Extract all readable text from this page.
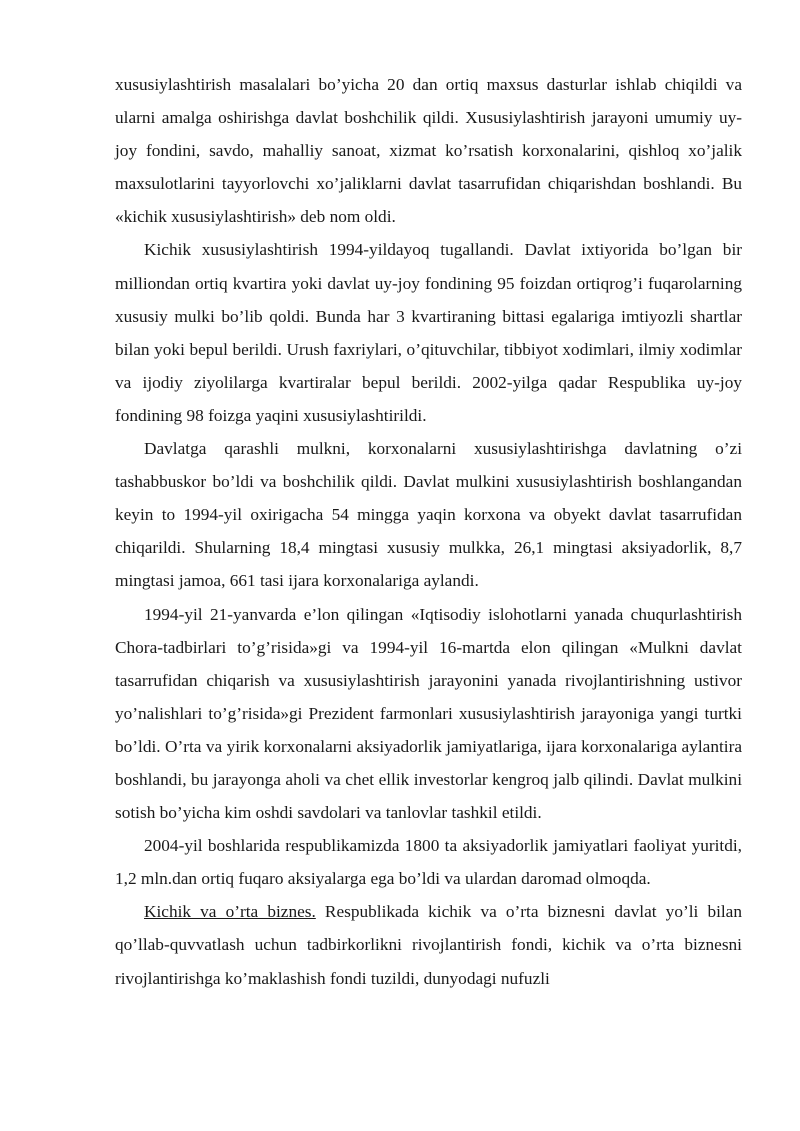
xususiylashtirish masalalari bo’yicha 20 dan ortiq maxsus dasturlar ishlab chiqildi va ularni amalga oshirishga davlat boshchilik qildi. Xususiylashtirish jarayoni umumiy uy-joy fondini, savdo, mahalliy sanoat, xizmat ko’rsatish korxonalarini, qishloq xo’jalik maxsulotlarini tayyorlovchi xo’jaliklarni davlat tasarrufidan chiqarishdan boshlandi. Bu «kichik xususiylashtirish» deb nom oldi.

Kichik xususiylashtirish 1994-yildayoq tugallandi. Davlat ixtiyorida bo’lgan bir milliondan ortiq kvartira yoki davlat uy-joy fondining 95 foizdan ortiqrog’i fuqarolarning xususiy mulki bo’lib qoldi. Bunda har 3 kvartiraning bittasi egalariga imtiyozli shartlar bilan yoki bepul berildi. Urush faxriylari, o’qituvchilar, tibbiyot xodimlari, ilmiy xodimlar va ijodiy ziyolilarga kvartiralar bepul berildi. 2002-yilga qadar Respublika uy-joy fondining 98 foizga yaqini xususiylashtirildi.

Davlatga qarashli mulkni, korxonalarni xususiylashtirishga davlatning o’zi tashabbuskor bo’ldi va boshchilik qildi. Davlat mulkini xususiylashtirish boshlangandan keyin to 1994-yil oxirigacha 54 mingga yaqin korxona va obyekt davlat tasarrufidan chiqarildi. Shularning 18,4 mingtasi xususiy mulkka, 26,1 mingtasi aksiyadorlik, 8,7 mingtasi jamoa, 661 tasi ijara korxonalariga aylandi.

1994-yil 21-yanvarda e’lon qilingan «Iqtisodiy islohotlarni yanada chuqurlashtirish Chora-tadbirlari to’g’risida»gi va 1994-yil 16-martda elon qilingan «Mulkni davlat tasarrufidan chiqarish va xususiylashtirish jarayonini yanada rivojlantirishning ustivor yo’nalishlari to’g’risida»gi Prezident farmonlari xususiylashtirish jarayoniga yangi turtki bo’ldi. O’rta va yirik korxonalarni aksiyadorlik jamiyatlariga, ijara korxonalariga aylantira boshlandi, bu jarayonga aholi va chet ellik investorlar kengroq jalb qilindi. Davlat mulkini sotish bo’yicha kim oshdi savdolari va tanlovlar tashkil etildi.

2004-yil boshlarida respublikamizda 1800 ta aksiyadorlik jamiyatlari faoliyat yuritdi, 1,2 mln.dan ortiq fuqaro aksiyalarga ega bo’ldi va ulardan daromad olmoqda.

Kichik va o’rta biznes. Respublikada kichik va o’rta biznesni davlat yo’li bilan qo’llab-quvvatlash uchun tadbirkorlikni rivojlantirish fondi, kichik va o’rta biznesni rivojlantirishga ko’maklashish fondi tuzildi, dunyodagi nufuzli
